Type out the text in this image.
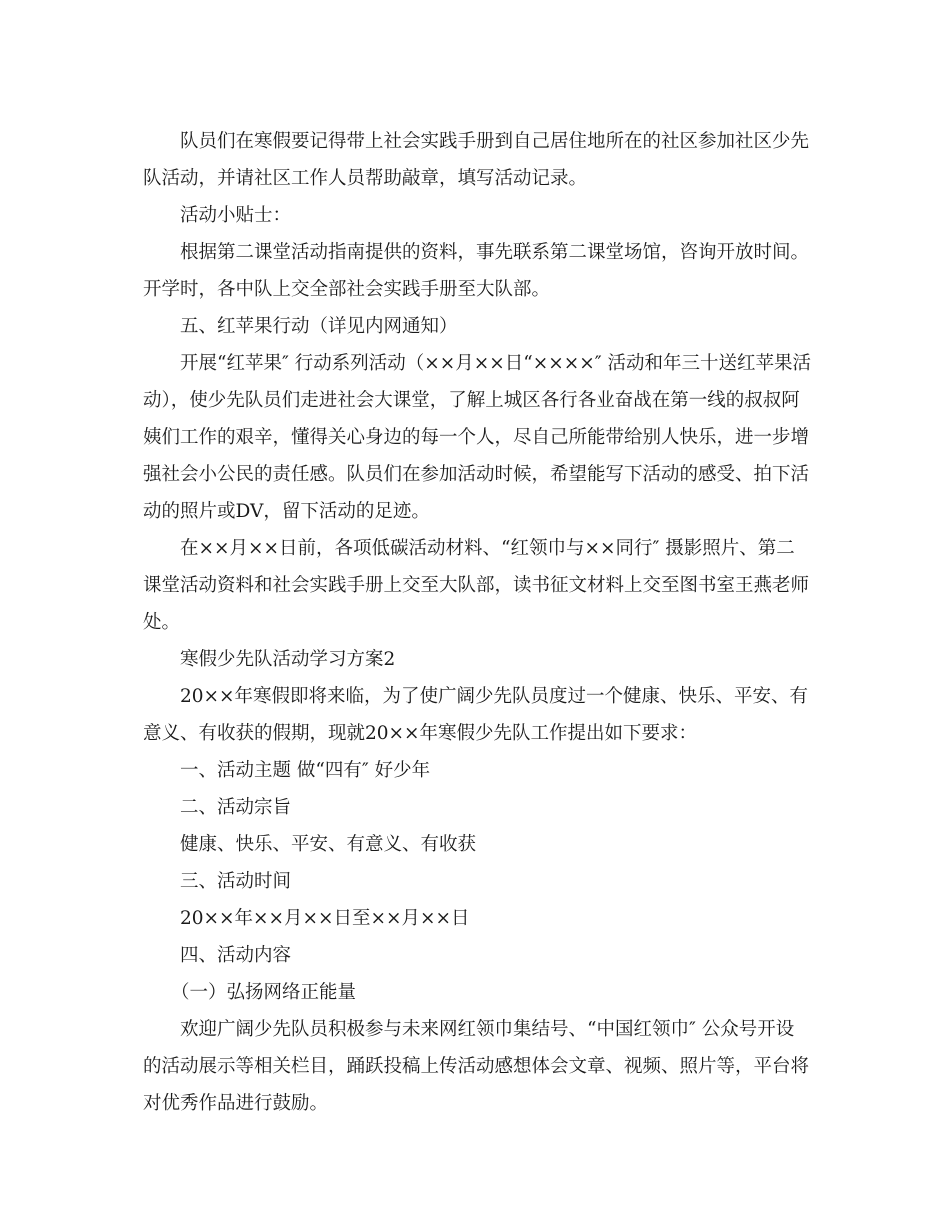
队员们在寒假要记得带上社会实践手册到自己居住地所在的社区参加社区少先队活动，并请社区工作人员帮助敲章，填写活动记录。

活动小贴士：

根据第二课堂活动指南提供的资料，事先联系第二课堂场馆，咨询开放时间。开学时，各中队上交全部社会实践手册至大队部。

五、红苹果行动（详见内网通知）

开展“红苹果″ 行动系列活动（××月××日“××××″ 活动和年三十送红苹果活动），使少先队员们走进社会大课堂，了解上城区各行各业奋战在第一线的叔叔阿姨们工作的艰辛，懂得关心身边的每一个人，尽自己所能带给别人快乐，进一步增强社会小公民的责任感。队员们在参加活动时候，希望能写下活动的感受、拍下活动的照片或DV，留下活动的足迹。

在××月××日前，各项低碳活动材料、“红领巾与××同行″ 摄影照片、第二课堂活动资料和社会实践手册上交至大队部，读书征文材料上交至图书室王燕老师处。

寒假少先队活动学习方案2

20××年寒假即将来临，为了使广阔少先队员度过一个健康、快乐、平安、有意义、有收获的假期，现就20××年寒假少先队工作提出如下要求：

一、活动主题 做“四有″ 好少年

二、活动宗旨

健康、快乐、平安、有意义、有收获

三、活动时间

20××年××月××日至××月××日

四、活动内容

（一）弘扬网络正能量

欢迎广阔少先队员积极参与未来网红领巾集结号、“中国红领巾″ 公众号开设的活动展示等相关栏目，踊跃投稿上传活动感想体会文章、视频、照片等，平台将对优秀作品进行鼓励。
